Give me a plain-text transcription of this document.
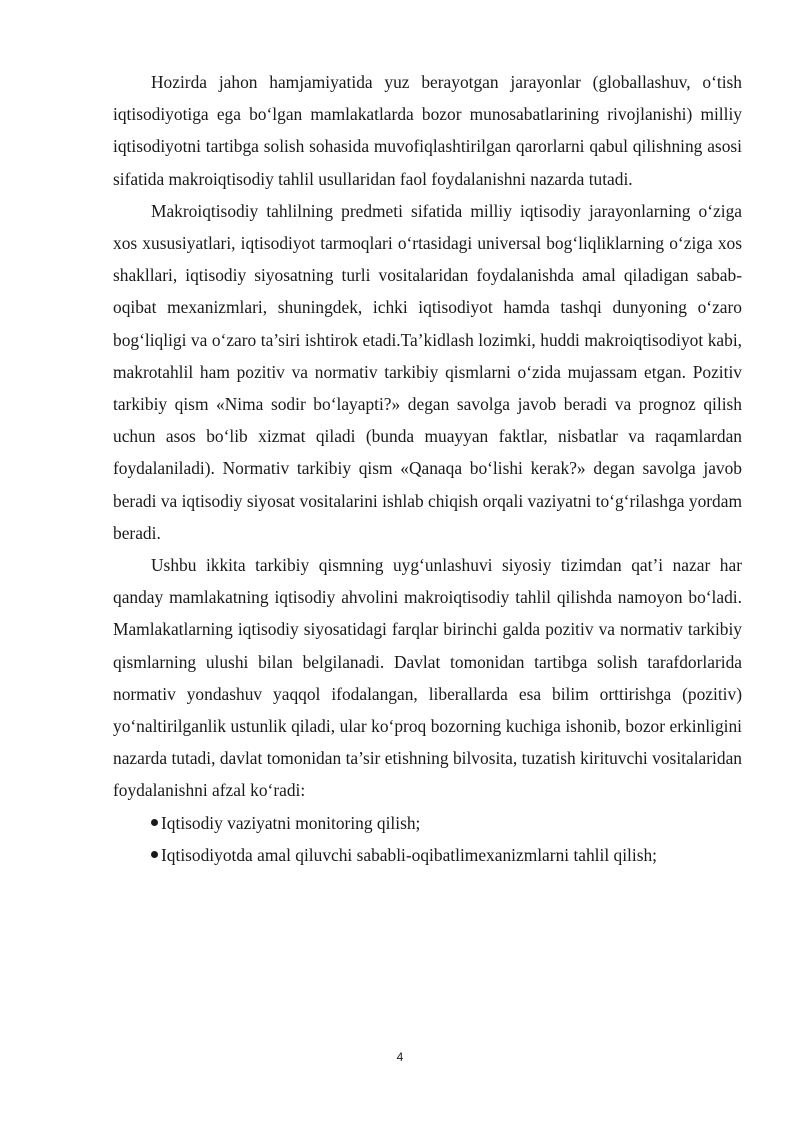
Hozirda jahon hamjamiyatida yuz berayotgan jarayonlar (globallashuv, o‘tish iqtisodiyotiga ega bo‘lgan mamlakatlarda bozor munosabatlarining rivojlanishi) milliy iqtisodiyotni tartibga solish sohasida muvofiqlashtirilgan qarorlarni qabul qilishning asosi sifatida makroiqtisodiy tahlil usullaridan faol foydalanishni nazarda tutadi.

Makroiqtisodiy tahlilning predmeti sifatida milliy iqtisodiy jarayonlarning o‘ziga xos xususiyatlari, iqtisodiyot tarmoqlari o‘rtasidagi universal bog‘liqliklarning o‘ziga xos shakllari, iqtisodiy siyosatning turli vositalaridan foydalanishda amal qiladigan sabab-oqibat mexanizmlari, shuningdek, ichki iqtisodiyot hamda tashqi dunyoning o‘zaro bog‘liqligi va o‘zaro ta’siri ishtirok etadi.Ta’kidlash lozimki, huddi makroiqtisodiyot kabi, makrotahlil ham pozitiv va normativ tarkibiy qismlarni o‘zida mujassam etgan. Pozitiv tarkibiy qism «Nima sodir bo‘layapti?» degan savolga javob beradi va prognoz qilish uchun asos bo‘lib xizmat qiladi (bunda muayyan faktlar, nisbatlar va raqamlardan foydalaniladi). Normativ tarkibiy qism «Qanaqa bo‘lishi kerak?» degan savolga javob beradi va iqtisodiy siyosat vositalarini ishlab chiqish orqali vaziyatni to‘g‘rilashga yordam beradi.

Ushbu ikkita tarkibiy qismning uyg‘unlashuvi siyosiy tizimdan qat’i nazar har qanday mamlakatning iqtisodiy ahvolini makroiqtisodiy tahlil qilishda namoyon bo‘ladi. Mamlakatlarning iqtisodiy siyosatidagi farqlar birinchi galda pozitiv va normativ tarkibiy qismlarning ulushi bilan belgilanadi. Davlat tomonidan tartibga solish tarafdorlarida normativ yondashuv yaqqol ifodalangan, liberallarda esa bilim orttirishga (pozitiv) yo‘naltirilganlik ustunlik qiladi, ular ko‘proq bozorning kuchiga ishonib, bozor erkinligini nazarda tutadi, davlat tomonidan ta’sir etishning bilvosita, tuzatish kirituvchi vositalaridan foydalanishni afzal ko‘radi:

Iqtisodiy vaziyatni monitoring qilish;
Iqtisodiyotda amal qiluvchi sababli-oqibatlimexanizmlarni tahlil qilish;
4
